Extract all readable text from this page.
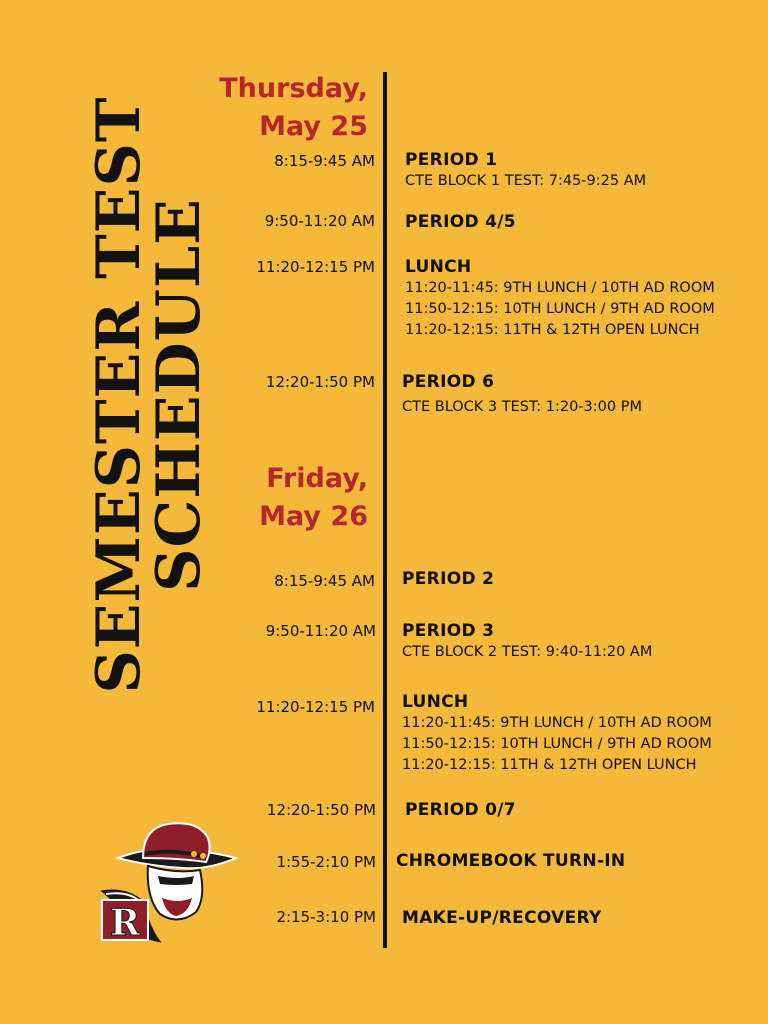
SEMESTER TEST
SCHEDULE
Thursday,
May 25
8:15-9:45 AM PERIOD 1
CTE BLOCK 1 TEST: 7:45-9:25 AM
9:50-11:20 AM PERIOD 4/5
11:20-12:15 PM LUNCH
11:20-11:45: 9TH LUNCH / 10TH AD ROOM
11:50-12:15: 10TH LUNCH / 9TH AD ROOM
11:20-12:15: 11TH & 12TH OPEN LUNCH
12:20-1:50 PM PERIOD 6
CTE BLOCK 3 TEST: 1:20-3:00 PM
Friday,
May 26
8:15-9:45 AM PERIOD 2
9:50-11:20 AM PERIOD 3
CTE BLOCK 2 TEST: 9:40-11:20 AM
11:20-12:15 PM LUNCH
11:20-11:45: 9TH LUNCH / 10TH AD ROOM
11:50-12:15: 10TH LUNCH / 9TH AD ROOM
11:20-12:15: 11TH & 12TH OPEN LUNCH
12:20-1:50 PM PERIOD 0/7
1:55-2:10 PM CHROMEBOOK TURN-IN
2:15-3:10 PM MAKE-UP/RECOVERY
R
